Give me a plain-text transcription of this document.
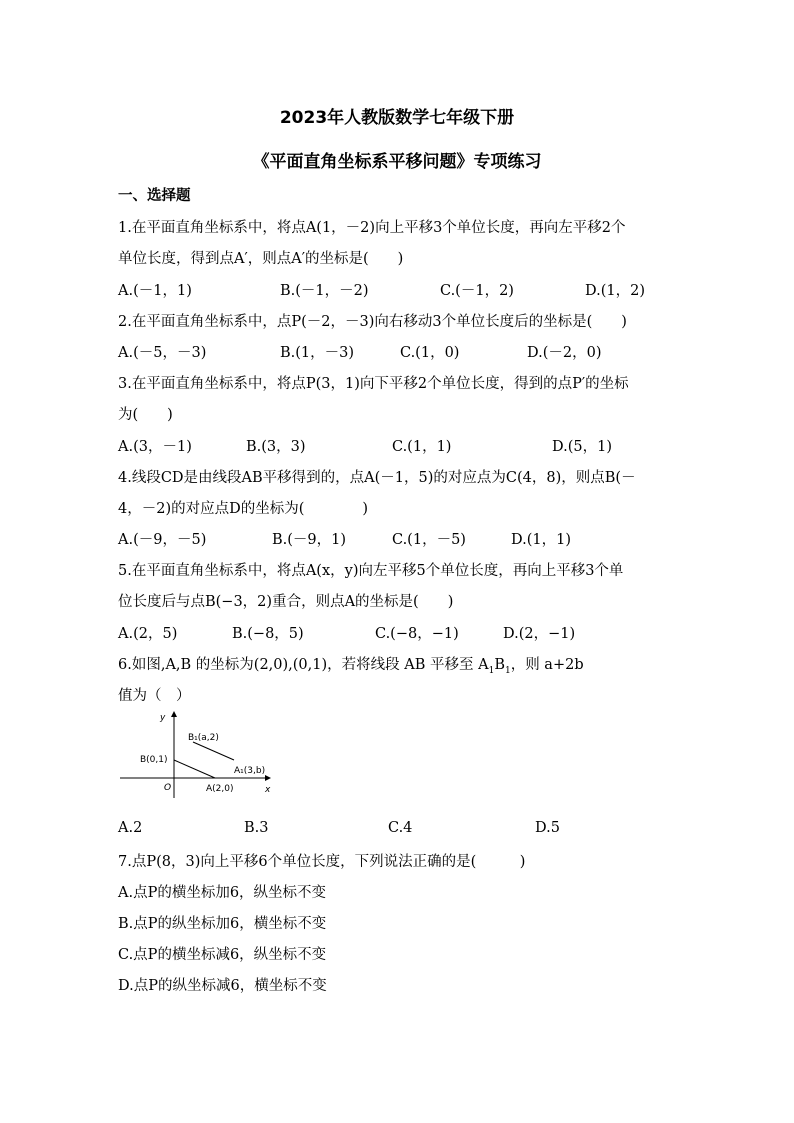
2023年人教版数学七年级下册
《平面直角坐标系平移问题》专项练习
一、选择题
1.在平面直角坐标系中，将点A(1，－2)向上平移3个单位长度，再向左平移2个
单位长度，得到点A′，则点A′的坐标是(　　)
A.(－1，1)	B.(－1，－2)	C.(－1，2)	D.(1，2)
2.在平面直角坐标系中，点P(－2，－3)向右移动3个单位长度后的坐标是(　　)
A.(－5，－3)	B.(1，－3)	C.(1，0)	D.(－2，0)
3.在平面直角坐标系中，将点P(3，1)向下平移2个单位长度，得到的点P′的坐标
为(　　)
A.(3，－1)	B.(3，3)	C.(1，1)	D.(5，1)
4.线段CD是由线段AB平移得到的，点A(－1，5)的对应点为C(4，8)，则点B(－
4，－2)的对应点D的坐标为(　　　　)
A.(－9，－5)	B.(－9，1)	C.(1，－5)	D.(1，1)
5.在平面直角坐标系中，将点A(x，y)向左平移5个单位长度，再向上平移3个单
位长度后与点B(−3，2)重合，则点A的坐标是(　　)
A.(2，5)	B.(−8，5)	C.(−8，−1)	D.(2，−1)
6.如图,A,B 的坐标为(2,0),(0,1)，若将线段 AB 平移至 $A_1B_1$，则 a+2b
值为（　）
y
x
O
B(0,1)
A(2,0)
B₁(a,2)
A₁(3,b)
A.2	B.3	C.4	D.5
7.点P(8，3)向上平移6个单位长度，下列说法正确的是(　　　)
A.点P的横坐标加6，纵坐标不变
B.点P的纵坐标加6，横坐标不变
C.点P的横坐标减6，纵坐标不变
D.点P的纵坐标减6，横坐标不变
